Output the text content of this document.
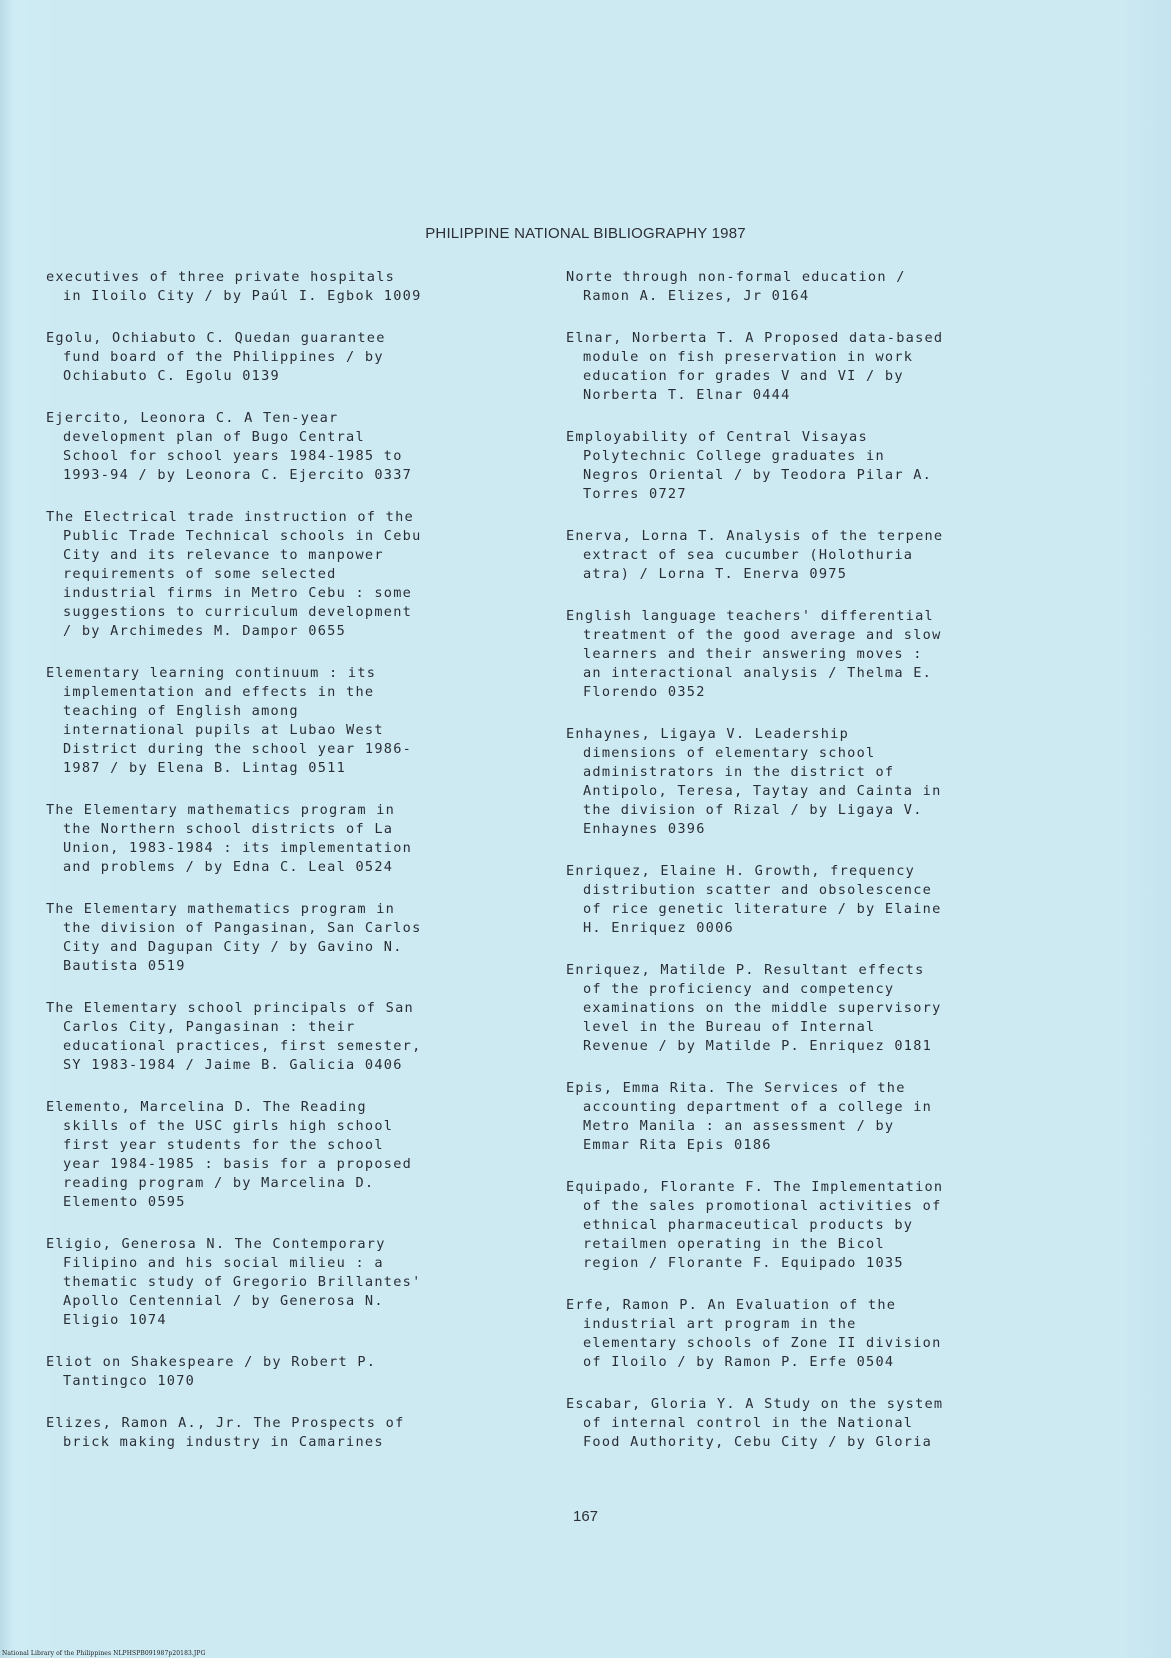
PHILIPPINE NATIONAL BIBLIOGRAPHY 1987

executives of three private hospitals
in Iloilo City / by Paúl I. Egbok 1009

Egolu, Ochiabuto C. Quedan guarantee
fund board of the Philippines / by
Ochiabuto C. Egolu 0139

Ejercito, Leonora C. A Ten-year
development plan of Bugo Central
School for school years 1984-1985 to
1993-94 / by Leonora C. Ejercito 0337

The Electrical trade instruction of the
Public Trade Technical schools in Cebu
City and its relevance to manpower
requirements of some selected
industrial firms in Metro Cebu : some
suggestions to curriculum development
/ by Archimedes M. Dampor 0655

Elementary learning continuum : its
implementation and effects in the
teaching of English among
international pupils at Lubao West
District during the school year 1986-
1987 / by Elena B. Lintag 0511

The Elementary mathematics program in
the Northern school districts of La
Union, 1983-1984 : its implementation
and problems / by Edna C. Leal 0524

The Elementary mathematics program in
the division of Pangasinan, San Carlos
City and Dagupan City / by Gavino N.
Bautista 0519

The Elementary school principals of San
Carlos City, Pangasinan : their
educational practices, first semester,
SY 1983-1984 / Jaime B. Galicia 0406

Elemento, Marcelina D. The Reading
skills of the USC girls high school
first year students for the school
year 1984-1985 : basis for a proposed
reading program / by Marcelina D.
Elemento 0595

Eligio, Generosa N. The Contemporary
Filipino and his social milieu : a
thematic study of Gregorio Brillantes'
Apollo Centennial / by Generosa N.
Eligio 1074

Eliot on Shakespeare / by Robert P.
Tantingco 1070

Elizes, Ramon A., Jr. The Prospects of
brick making industry in Camarines

Norte through non-formal education /
Ramon A. Elizes, Jr 0164

Elnar, Norberta T. A Proposed data-based
module on fish preservation in work
education for grades V and VI / by
Norberta T. Elnar 0444

Employability of Central Visayas
Polytechnic College graduates in
Negros Oriental / by Teodora Pilar A.
Torres 0727

Enerva, Lorna T. Analysis of the terpene
extract of sea cucumber (Holothuria
atra) / Lorna T. Enerva 0975

English language teachers' differential
treatment of the good average and slow
learners and their answering moves :
an interactional analysis / Thelma E.
Florendo 0352

Enhaynes, Ligaya V. Leadership
dimensions of elementary school
administrators in the district of
Antipolo, Teresa, Taytay and Cainta in
the division of Rizal / by Ligaya V.
Enhaynes 0396

Enriquez, Elaine H. Growth, frequency
distribution scatter and obsolescence
of rice genetic literature / by Elaine
H. Enriquez 0006

Enriquez, Matilde P. Resultant effects
of the proficiency and competency
examinations on the middle supervisory
level in the Bureau of Internal
Revenue / by Matilde P. Enriquez 0181

Epis, Emma Rita. The Services of the
accounting department of a college in
Metro Manila : an assessment / by
Emmar Rita Epis 0186

Equipado, Florante F. The Implementation
of the sales promotional activities of
ethnical pharmaceutical products by
retailmen operating in the Bicol
region / Florante F. Equipado 1035

Erfe, Ramon P. An Evaluation of the
industrial art program in the
elementary schools of Zone II division
of Iloilo / by Ramon P. Erfe 0504

Escabar, Gloria Y. A Study on the system
of internal control in the National
Food Authority, Cebu City / by Gloria

167
National Library of the Philippines NLPHSPB091987p20183.JPG
